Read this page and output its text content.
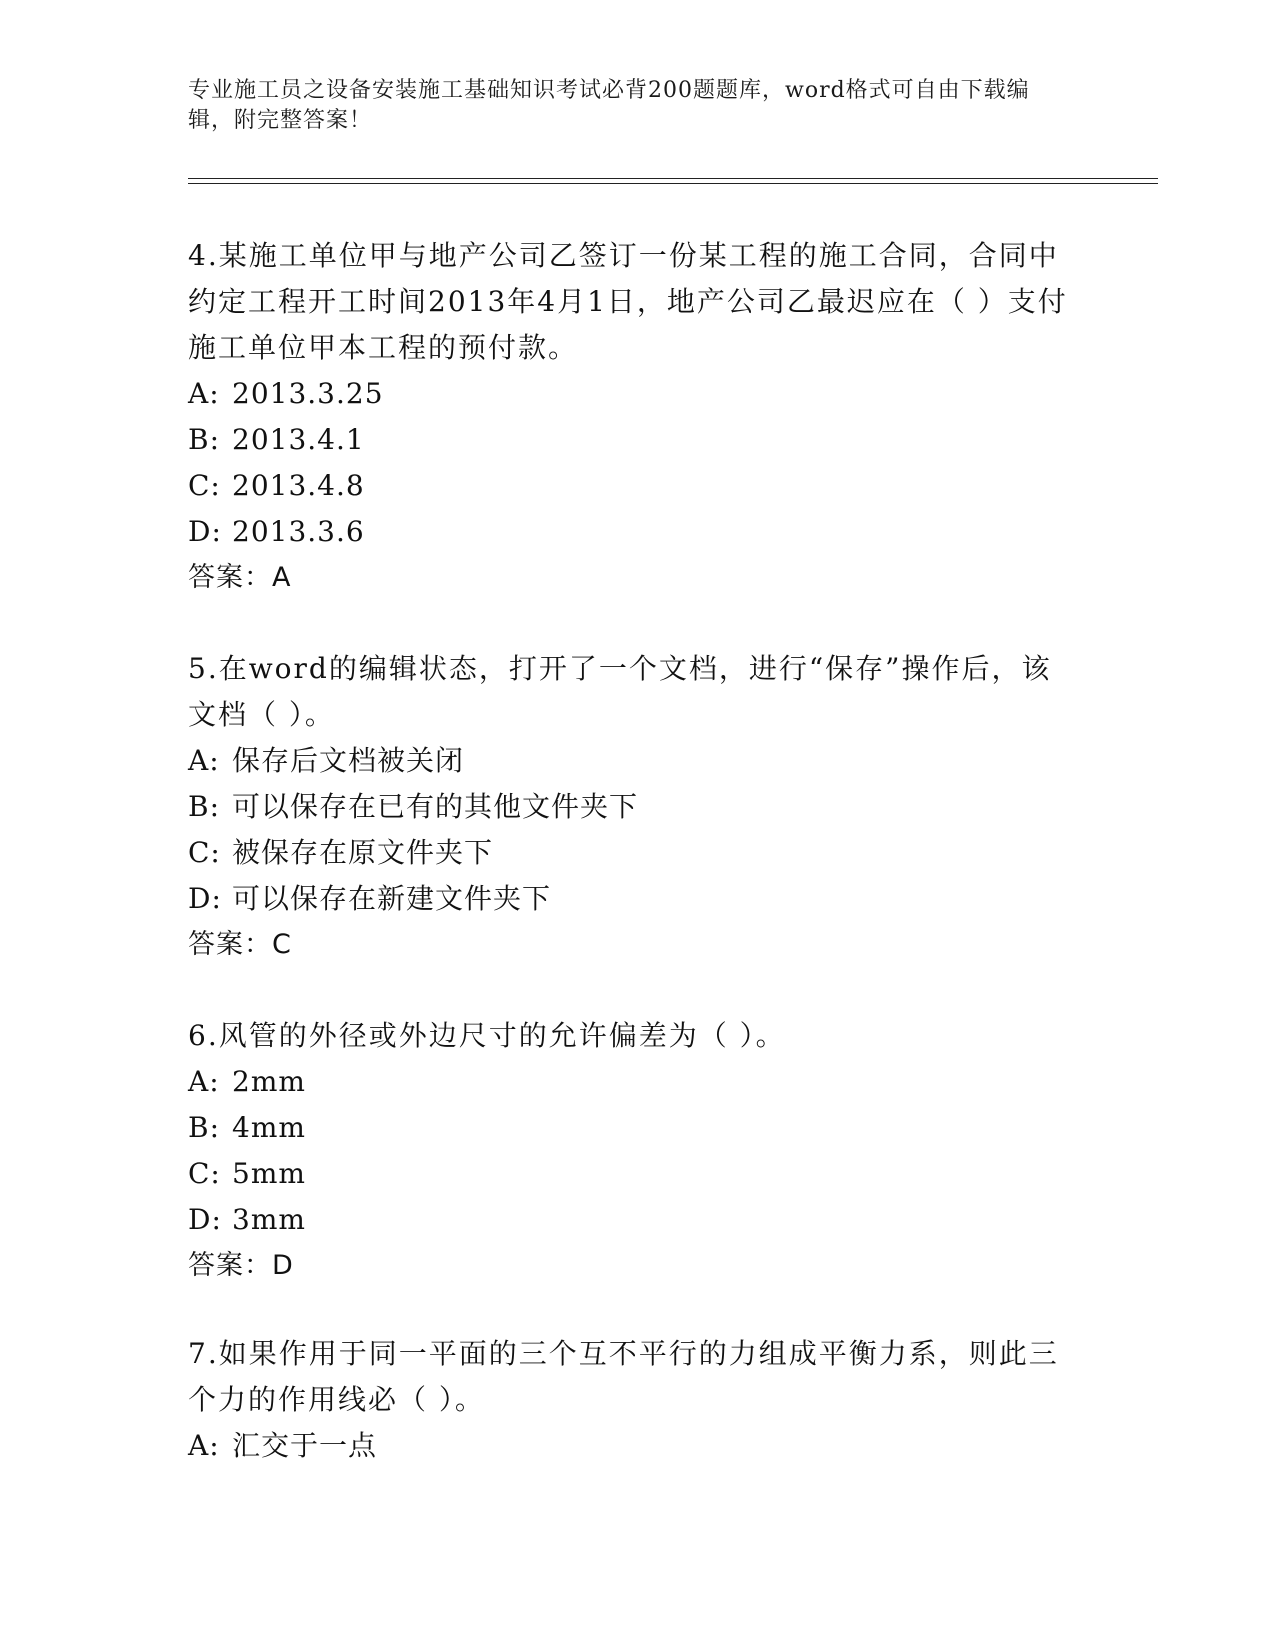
专业施工员之设备安装施工基础知识考试必背200题题库，word格式可自由下载编辑，附完整答案！

4.某施工单位甲与地产公司乙签订一份某工程的施工合同，合同中约定工程开工时间2013年4月1日，地产公司乙最迟应在（ ）支付施工单位甲本工程的预付款。

A: 2013.3.25

B: 2013.4.1

C: 2013.4.8

D: 2013.3.6

答案：A

5.在word的编辑状态，打开了一个文档，进行“保存”操作后，该文档（ ）。

A: 保存后文档被关闭

B: 可以保存在已有的其他文件夹下

C: 被保存在原文件夹下

D: 可以保存在新建文件夹下

答案：C

6.风管的外径或外边尺寸的允许偏差为（ ）。

A: 2mm

B: 4mm

C: 5mm

D: 3mm

答案：D

7.如果作用于同一平面的三个互不平行的力组成平衡力系，则此三个力的作用线必（ ）。

A: 汇交于一点
